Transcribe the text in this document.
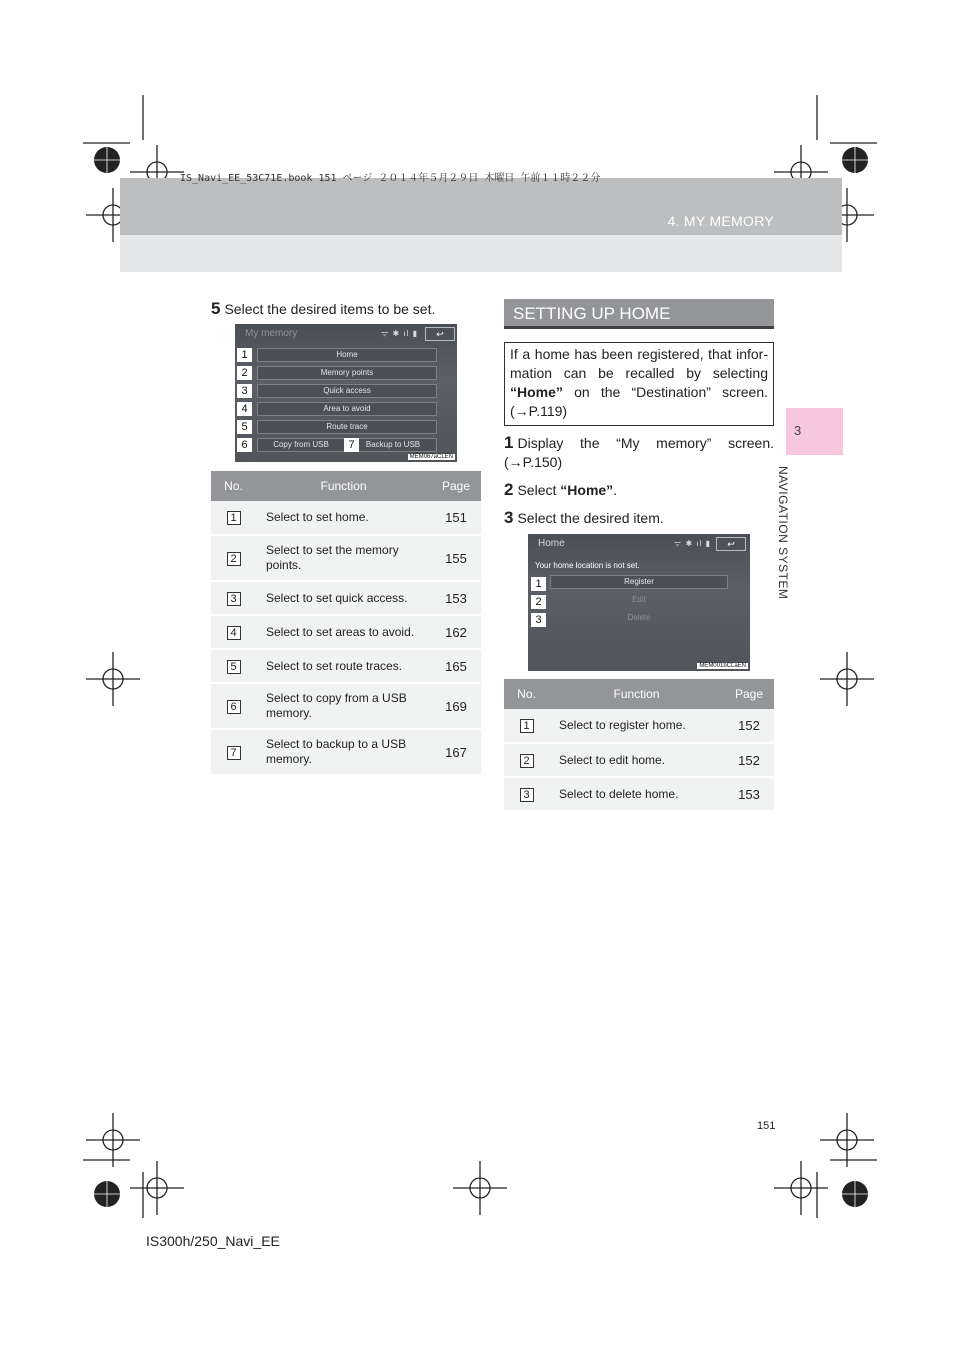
IS_Navi_EE_53C71E.book 151 ページ ２０１４年５月２９日 木曜日 午前１１時２２分
4. MY MEMORY
3
NAVIGATION SYSTEM
5 Select the desired items to be set.
My memory	ᯤ ✱ ıl ▮	↩
Home
Memory points
Quick access
Area to avoid
Route trace
Copy from USB	Backup to USB
1
2
3
4
5
6	7
MEM067aCLEN
No.	Function	Page
1	Select to set home.	151
2	Select to set the memory points.	155
3	Select to set quick access.	153
4	Select to set areas to avoid.	162
5	Select to set route traces.	165
6	Select to copy from a USB memory.	169
7	Select to backup to a USB memory.	167
SETTING UP HOME
If a home has been registered, that infor-mation can be recalled by selecting “Home” on the “Destination” screen. (→P.119)
1 Display the “My memory” screen. (→P.150)
2 Select “Home”.
3 Select the desired item.
Home	ᯤ ✱ ıl ▮	↩
Your home location is not set.
Register
Edit
Delete
1
2
3
MEM001bCLaEN
No.	Function	Page
1	Select to register home.	152
2	Select to edit home.	152
3	Select to delete home.	153
151
IS300h/250_Navi_EE
